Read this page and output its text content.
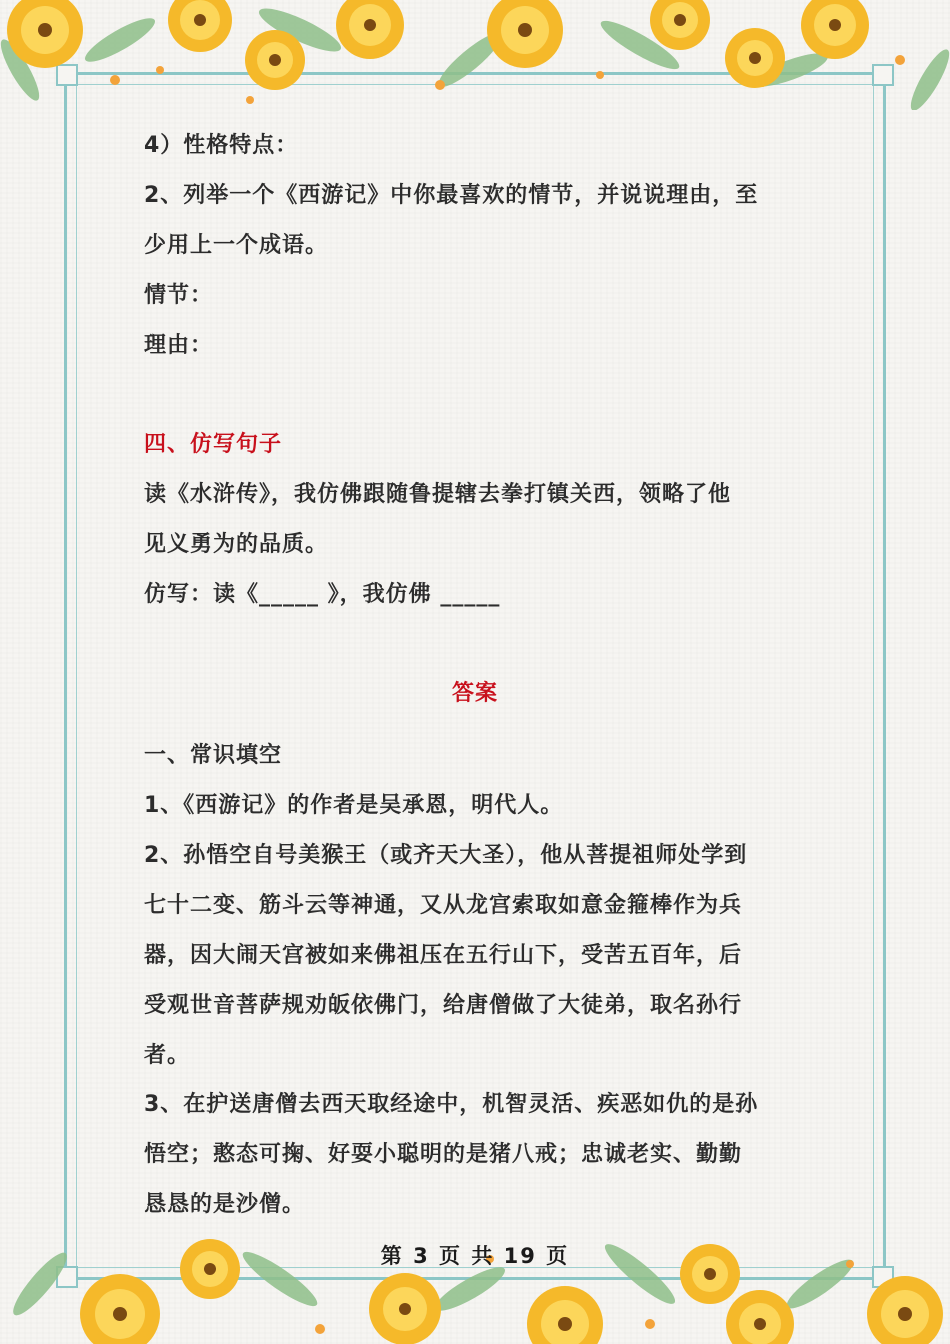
4）性格特点：
2、列举一个《西游记》中你最喜欢的情节，并说说理由，至
少用上一个成语。
情节：
理由：
四、仿写句子
读《水浒传》，我仿佛跟随鲁提辖去拳打镇关西，领略了他
见义勇为的品质。
仿写：读《_____ 》，我仿佛 _____
答案
一、常识填空
1、《西游记》的作者是吴承恩，明代人。
2、孙悟空自号美猴王（或齐天大圣），他从菩提祖师处学到
七十二变、筋斗云等神通，又从龙宫索取如意金箍棒作为兵
器，因大闹天宫被如来佛祖压在五行山下，受苦五百年，后
受观世音菩萨规劝皈依佛门，给唐僧做了大徒弟，取名孙行
者。
3、在护送唐僧去西天取经途中，机智灵活、疾恶如仇的是孙
悟空；憨态可掬、好耍小聪明的是猪八戒；忠诚老实、勤勤
恳恳的是沙僧。
第 3 页 共 19 页
